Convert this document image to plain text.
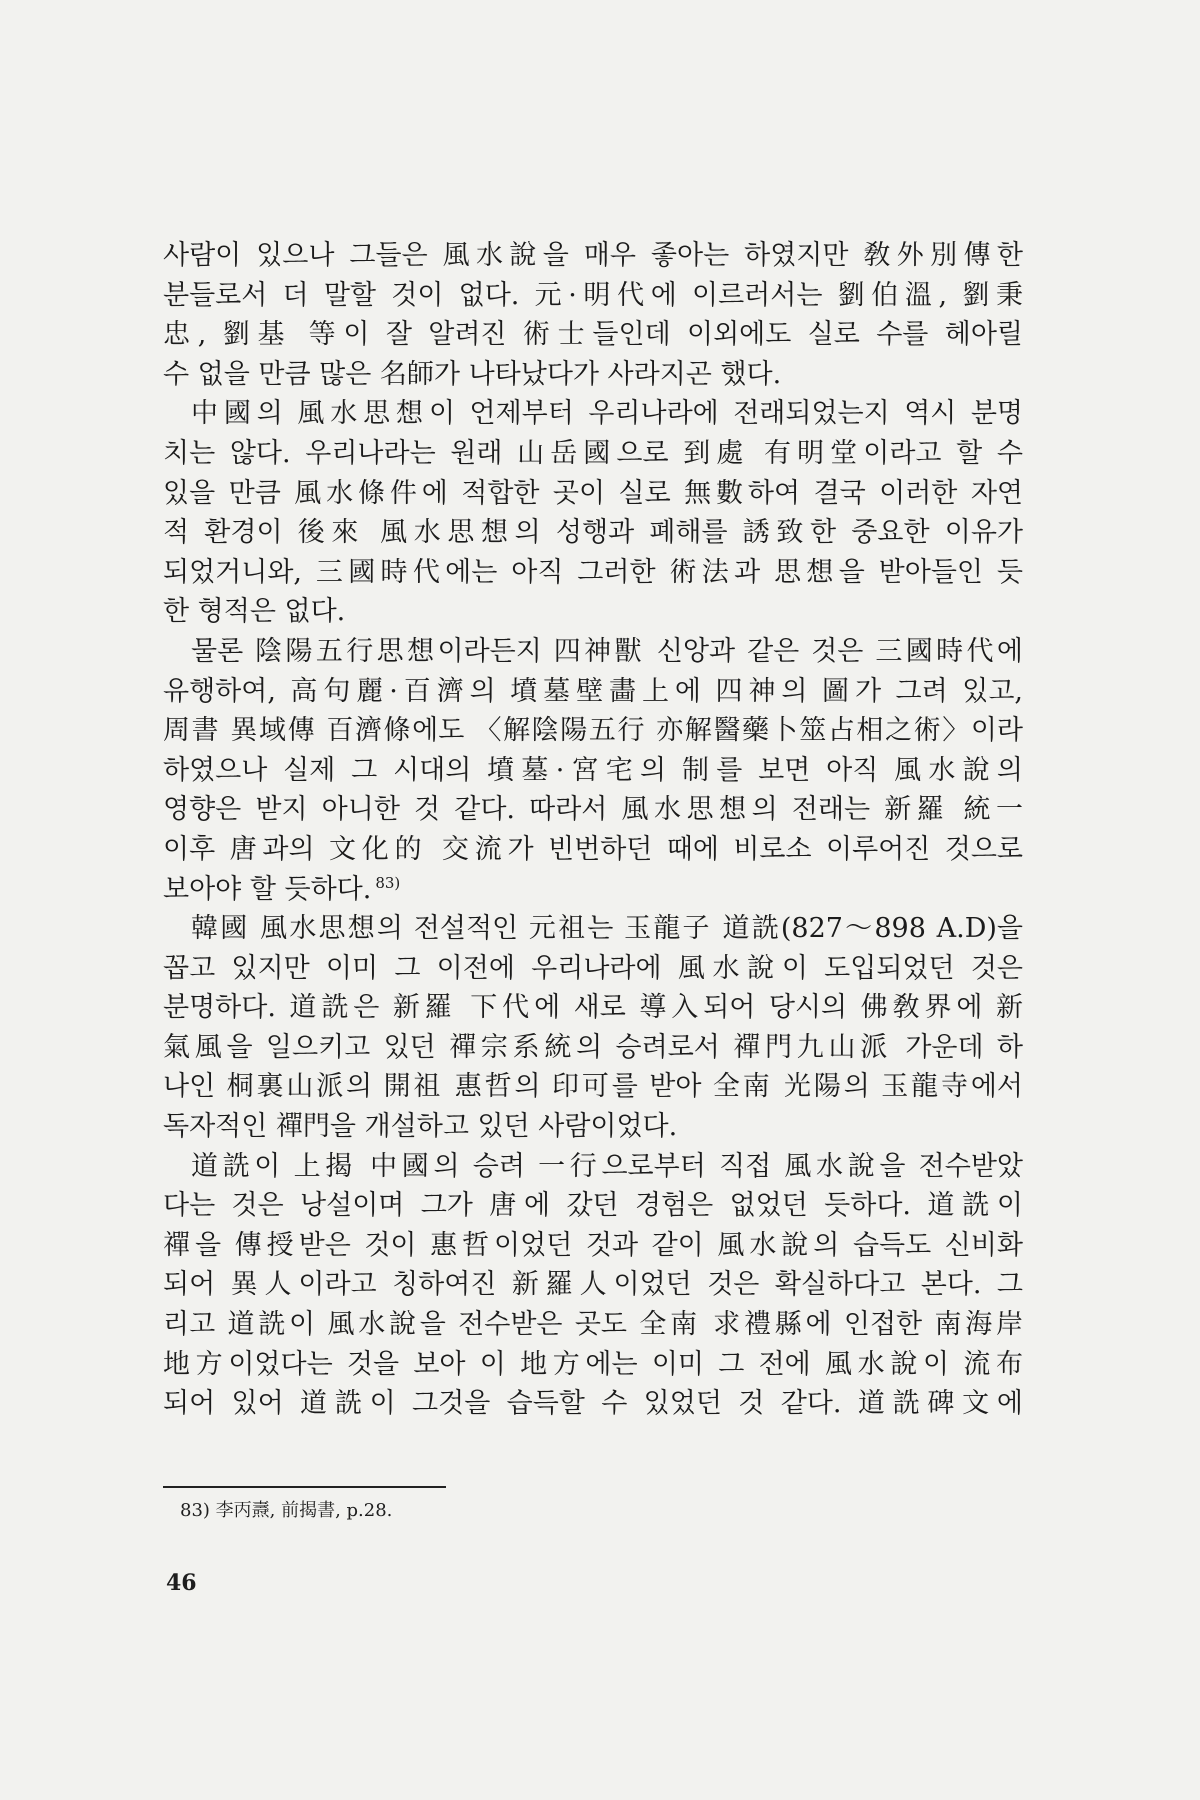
사람이 있으나 그들은 風水說을 매우 좋아는 하였지만 敎外別傳한
분들로서 더 말할 것이 없다. 元·明代에 이르러서는 劉伯溫, 劉秉
忠, 劉基 等이 잘 알려진 術士들인데 이외에도 실로 수를 헤아릴
수 없을 만큼 많은 名師가 나타났다가 사라지곤 했다.
中國의 風水思想이 언제부터 우리나라에 전래되었는지 역시 분명
치는 않다. 우리나라는 원래 山岳國으로 到處 有明堂이라고 할 수
있을 만큼 風水條件에 적합한 곳이 실로 無數하여 결국 이러한 자연
적 환경이 後來 風水思想의 성행과 폐해를 誘致한 중요한 이유가
되었거니와, 三國時代에는 아직 그러한 術法과 思想을 받아들인 듯
한 형적은 없다.
물론 陰陽五行思想이라든지 四神獸 신앙과 같은 것은 三國時代에
유행하여, 高句麗·百濟의 墳墓壁畵上에 四神의 圖가 그려 있고,
周書 異域傳 百濟條에도 〈解陰陽五行 亦解醫藥卜筮占相之術〉이라
하였으나 실제 그 시대의 墳墓·宮宅의 制를 보면 아직 風水說의
영향은 받지 아니한 것 같다. 따라서 風水思想의 전래는 新羅 統一
이후 唐과의 文化的 交流가 빈번하던 때에 비로소 이루어진 것으로
보아야 할 듯하다. $^{83)}$

韓國 風水思想의 전설적인 元祖는 玉龍子 道詵(827〜898 A.D)을
꼽고 있지만 이미 그 이전에 우리나라에 風水說이 도입되었던 것은
분명하다. 道詵은 新羅 下代에 새로 導入되어 당시의 佛敎界에 新
氣風을 일으키고 있던 禪宗系統의 승려로서 禪門九山派 가운데 하
나인 桐裏山派의 開祖 惠哲의 印可를 받아 全南 光陽의 玉龍寺에서
독자적인 禪門을 개설하고 있던 사람이었다.
道詵이 上揭 中國의 승려 一行으로부터 직접 風水說을 전수받았
다는 것은 낭설이며 그가 唐에 갔던 경험은 없었던 듯하다. 道詵이
禪을 傳授받은 것이 惠哲이었던 것과 같이 風水說의 습득도 신비화
되어 異人이라고 칭하여진 新羅人이었던 것은 확실하다고 본다. 그
리고 道詵이 風水說을 전수받은 곳도 全南 求禮縣에 인접한 南海岸
地方이었다는 것을 보아 이 地方에는 이미 그 전에 風水說이 流布
되어 있어 道詵이 그것을 습득할 수 있었던 것 같다. 道詵碑文에
83) 李丙燾, 前揭書, p.28.
46
